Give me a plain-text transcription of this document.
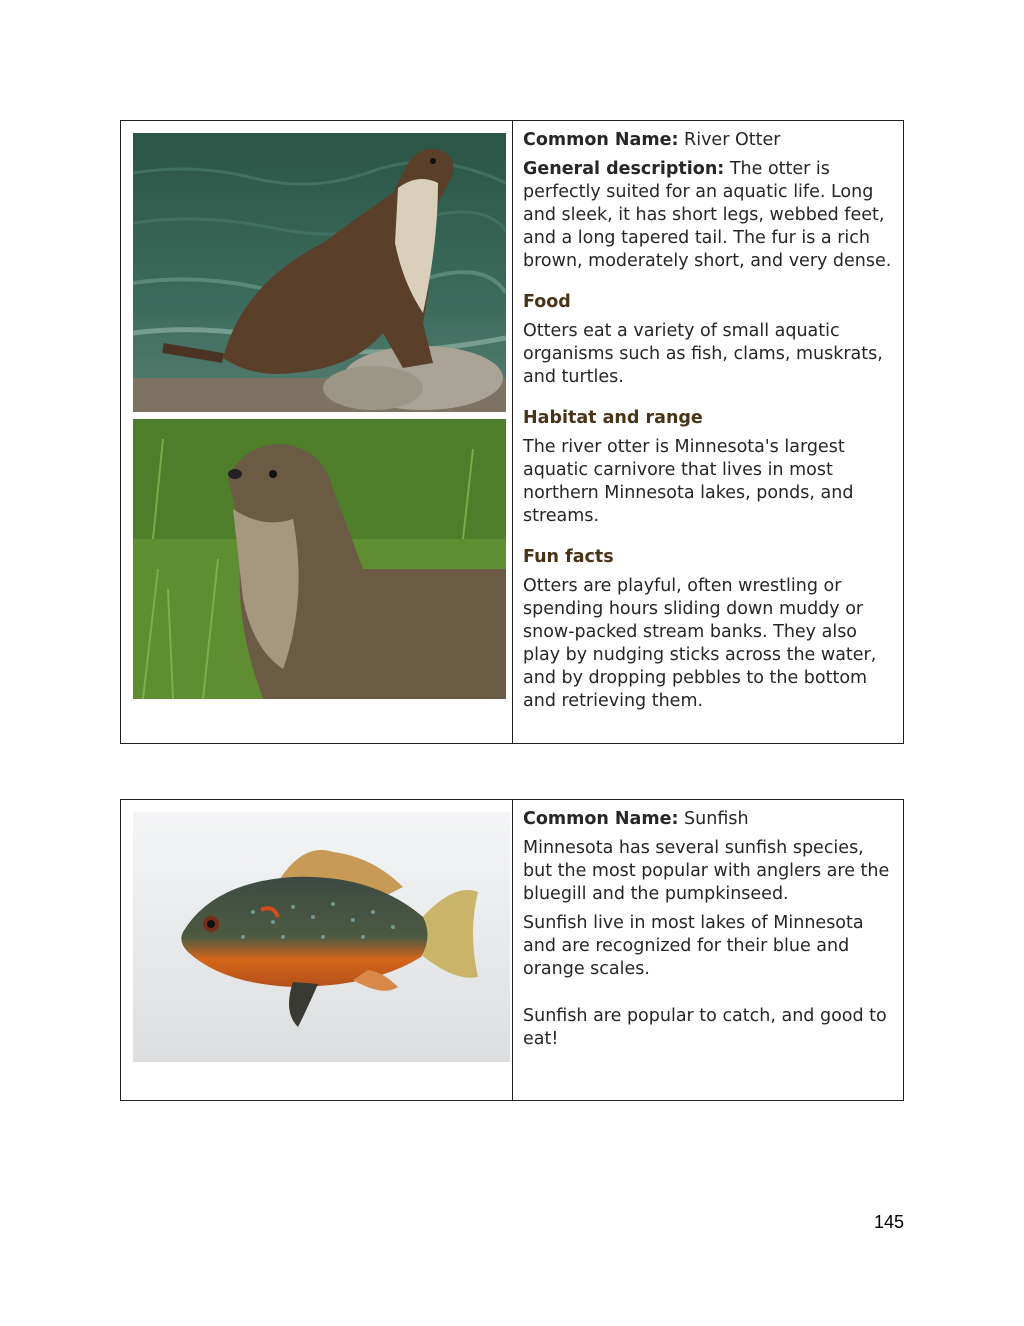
Common Name: River Otter

General description: The otter is perfectly suited for an aquatic life. Long and sleek, it has short legs, webbed feet, and a long tapered tail. The fur is a rich brown, moderately short, and very dense.

Food

Otters eat a variety of small aquatic organisms such as fish, clams, muskrats, and turtles.

Habitat and range

The river otter is Minnesota's largest aquatic carnivore that lives in most northern Minnesota lakes, ponds, and streams.

Fun facts

Otters are playful, often wrestling or spending hours sliding down muddy or snow-packed stream banks. They also play by nudging sticks across the water, and by dropping pebbles to the bottom and retrieving them.

Common Name: Sunfish

Minnesota has several sunfish species, but the most popular with anglers are the bluegill and the pumpkinseed.

Sunfish live in most lakes of Minnesota and are recognized for their blue and orange scales.

Sunfish are popular to catch, and good to eat!

145
